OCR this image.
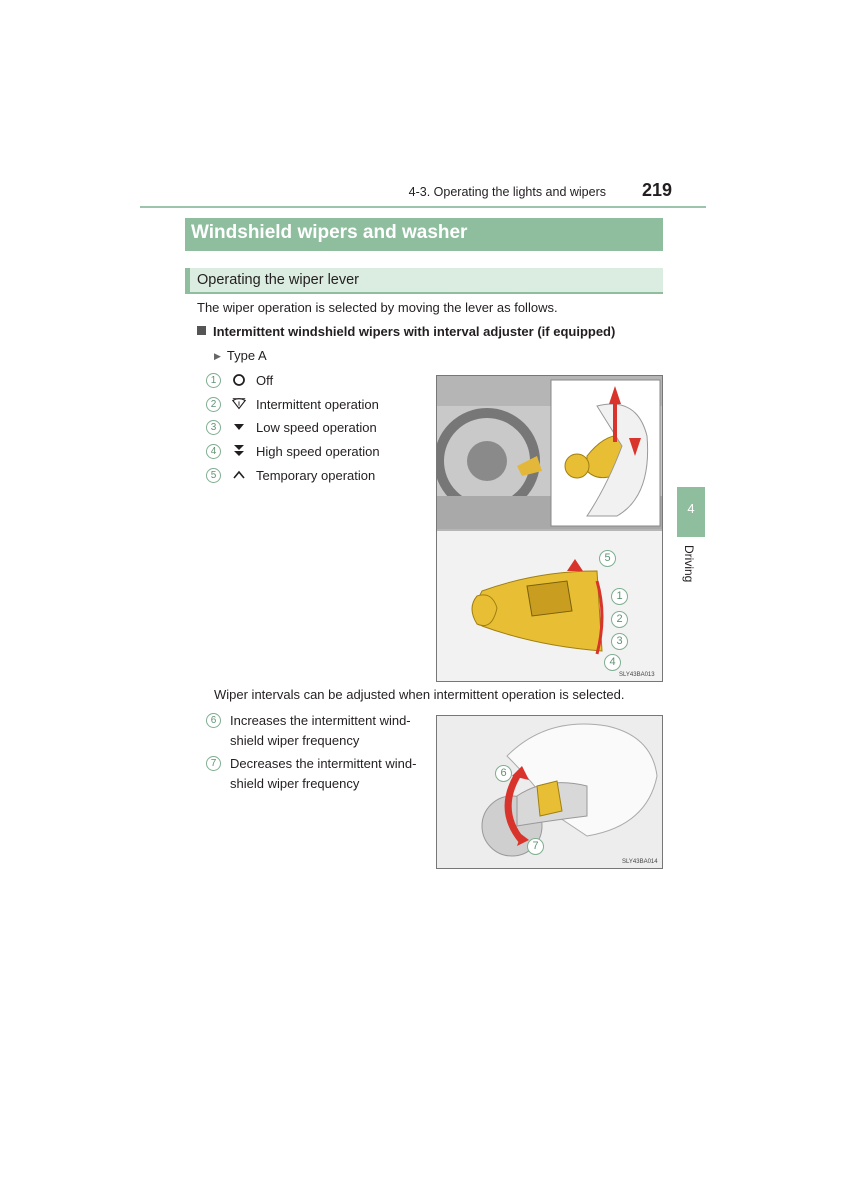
4-3. Operating the lights and wipers	219
Windshield wipers and washer
Operating the wiper lever
The wiper operation is selected by moving the lever as follows.
Intermittent windshield wipers with interval adjuster (if equipped)
▶ Type A
1	Off
2	Intermittent operation
3	Low speed operation
4	High speed operation
5	Temporary operation
5
1
2
3
4
SLY43BA013
Wiper intervals can be adjusted when intermittent operation is selected.
6	Increases the intermittent wind-
shield wiper frequency
7	Decreases the intermittent wind-
shield wiper frequency
6
7
SLY43BA014
4
Driving
